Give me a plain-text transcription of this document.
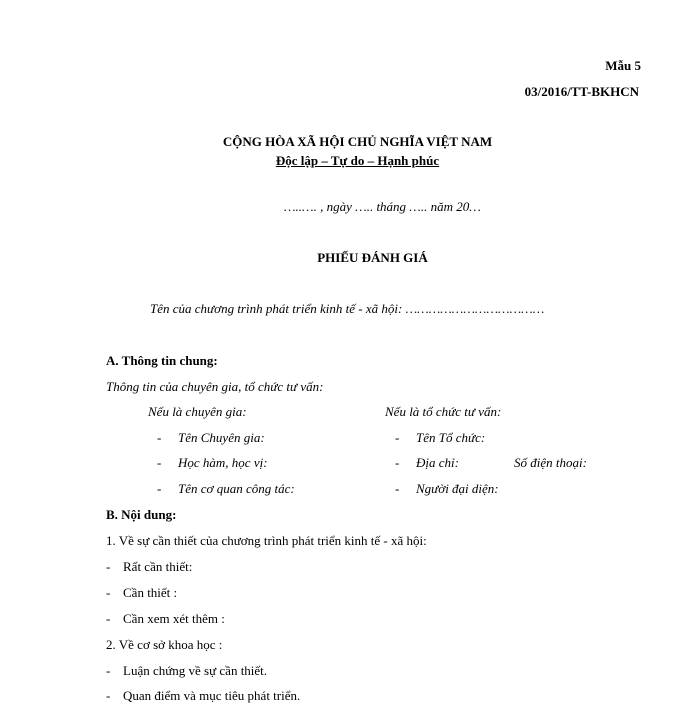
Mẫu 5
03/2016/TT-BKHCN
CỘNG HÒA XÃ HỘI CHỦ NGHĨA VIỆT NAM
Độc lập – Tự do – Hạnh phúc
…..…. , ngày ….. tháng ….. năm 20…
PHIẾU ĐÁNH GIÁ
Tên của chương trình phát triển kinh tế - xã hội: ………………………………
A. Thông tin chung:
Thông tin của chuyên gia, tổ chức tư vấn:
Nếu là chuyên gia:	Nếu là tổ chức tư vấn:
- Tên Chuyên gia:
- Học hàm, học vị:
- Tên cơ quan công tác:
- Tên Tổ chức:
- Địa chỉ:	Số điện thoại:
- Người đại diện:
B. Nội dung:
1. Về sự cần thiết của chương trình phát triển kinh tế - xã hội:
- Rất cần thiết:
- Cần thiết :
- Cần xem xét thêm :
2. Về cơ sở khoa học :
- Luận chứng về sự cần thiết.
- Quan điểm và mục tiêu phát triển.
